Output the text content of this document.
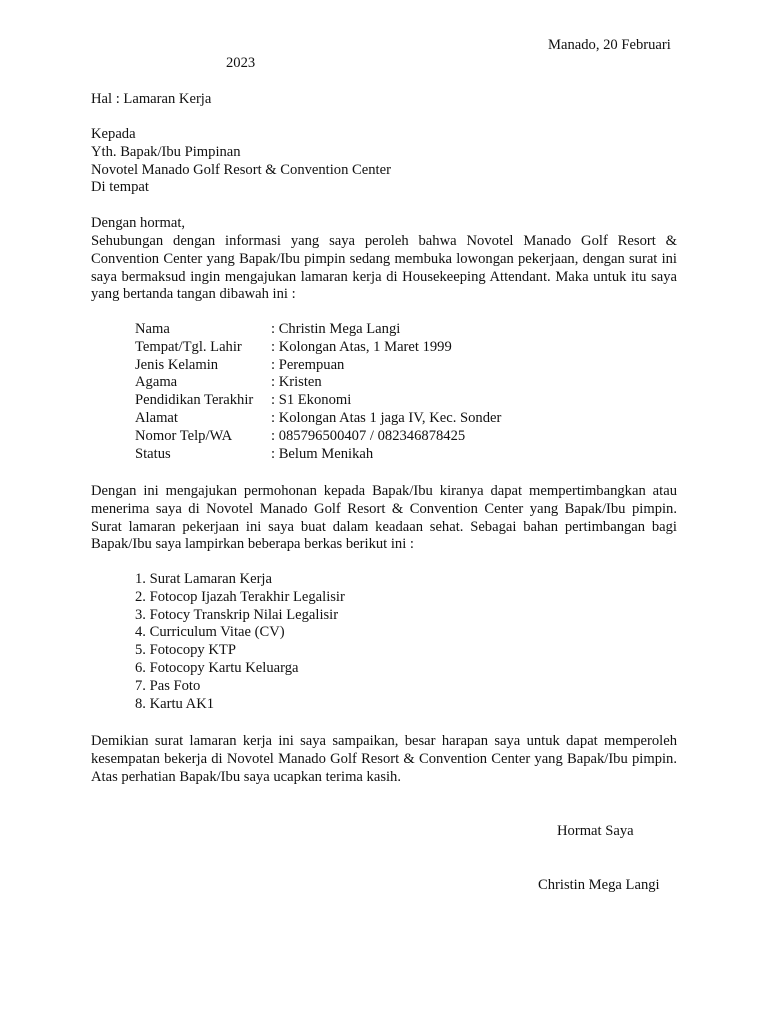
Manado, 20 Februari
2023
Hal : Lamaran Kerja
Kepada
Yth. Bapak/Ibu Pimpinan
Novotel Manado Golf Resort & Convention Center
Di tempat
Dengan hormat,
Sehubungan dengan informasi yang saya peroleh bahwa Novotel Manado Golf Resort & Convention Center yang Bapak/Ibu pimpin sedang membuka lowongan pekerjaan, dengan surat ini saya bermaksud ingin mengajukan lamaran kerja di Housekeeping Attendant. Maka untuk itu saya yang bertanda tangan dibawah ini :
Nama	: Christin Mega Langi
Tempat/Tgl. Lahir	: Kolongan Atas, 1 Maret 1999
Jenis Kelamin	: Perempuan
Agama	: Kristen
Pendidikan Terakhir	: S1 Ekonomi
Alamat	: Kolongan Atas 1 jaga IV, Kec. Sonder
Nomor Telp/WA	: 085796500407 / 082346878425
Status	: Belum Menikah
Dengan ini mengajukan permohonan kepada Bapak/Ibu kiranya dapat mempertimbangkan atau menerima saya di Novotel Manado Golf Resort & Convention Center yang Bapak/Ibu pimpin. Surat lamaran pekerjaan ini saya buat dalam keadaan sehat. Sebagai bahan pertimbangan bagi Bapak/Ibu saya lampirkan beberapa berkas berikut ini :
1. Surat Lamaran Kerja
2. Fotocop Ijazah Terakhir Legalisir
3. Fotocy Transkrip Nilai Legalisir
4. Curriculum Vitae (CV)
5. Fotocopy KTP
6. Fotocopy Kartu Keluarga
7. Pas Foto
8. Kartu AK1
Demikian surat lamaran kerja ini saya sampaikan, besar harapan saya untuk dapat memperoleh kesempatan bekerja di Novotel Manado Golf Resort & Convention Center yang Bapak/Ibu pimpin. Atas perhatian Bapak/Ibu saya ucapkan terima kasih.
Hormat Saya
Christin Mega Langi
